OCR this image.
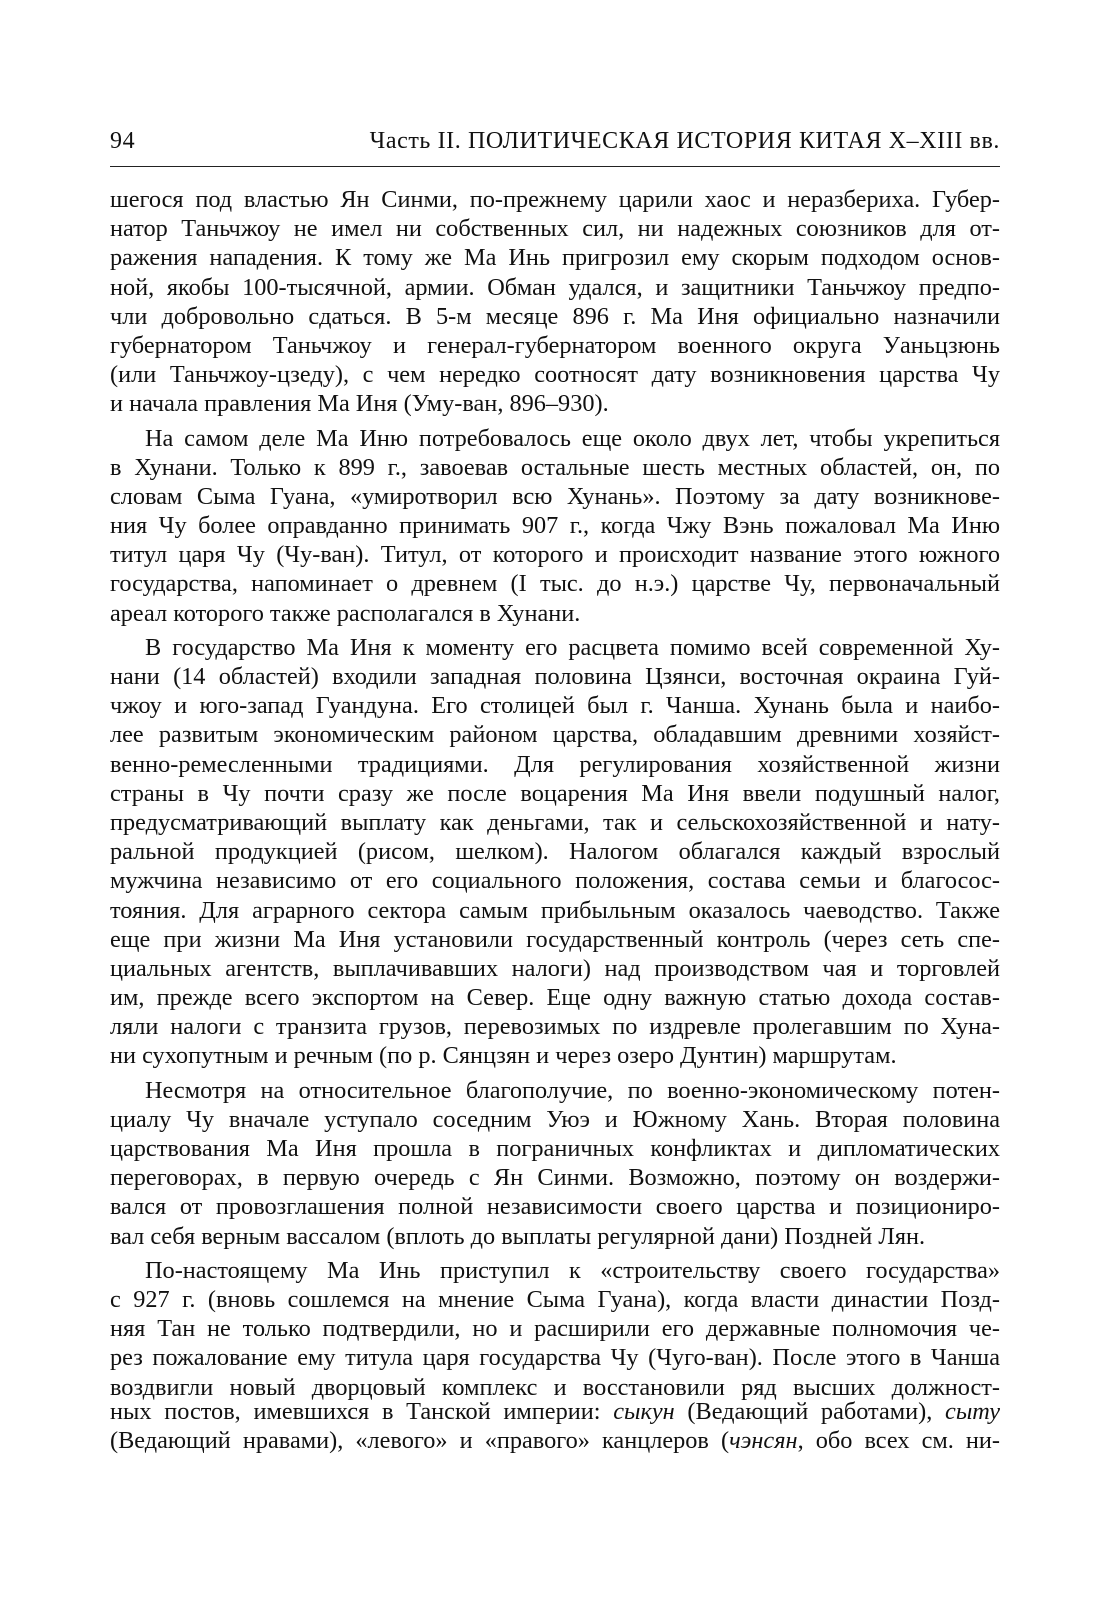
94	Часть II. ПОЛИТИЧЕСКАЯ ИСТОРИЯ КИТАЯ X–XIII вв.
шегося под властью Ян Синми, по-прежнему царили хаос и неразбериха. Губер-
натор Таньчжоу не имел ни собственных сил, ни надежных союзников для от-
ражения нападения. К тому же Ма Инь пригрозил ему скорым подходом основ-
ной, якобы 100-тысячной, армии. Обман удался, и защитники Таньчжоу предпо-
чли добровольно сдаться. В 5-м месяце 896 г. Ма Иня официально назначили
губернатором Таньчжоу и генерал-губернатором военного округа Уаньцзюнь
(или Таньчжоу-цзеду), с чем нередко соотносят дату возникновения царства Чу
и начала правления Ма Иня (Уму-ван, 896–930).
На самом деле Ма Иню потребовалось еще около двух лет, чтобы укрепиться
в Хунани. Только к 899 г., завоевав остальные шесть местных областей, он, по
словам Сыма Гуана, «умиротворил всю Хунань». Поэтому за дату возникнове-
ния Чу более оправданно принимать 907 г., когда Чжу Вэнь пожаловал Ма Иню
титул царя Чу (Чу-ван). Титул, от которого и происходит название этого южного
государства, напоминает о древнем (I тыс. до н.э.) царстве Чу, первоначальный
ареал которого также располагался в Хунани.
В государство Ма Иня к моменту его расцвета помимо всей современной Ху-
нани (14 областей) входили западная половина Цзянси, восточная окраина Гуй-
чжоу и юго-запад Гуандуна. Его столицей был г. Чанша. Хунань была и наибо-
лее развитым экономическим районом царства, обладавшим древними хозяйст-
венно-ремесленными традициями. Для регулирования хозяйственной жизни
страны в Чу почти сразу же после воцарения Ма Иня ввели подушный налог,
предусматривающий выплату как деньгами, так и сельскохозяйственной и нату-
ральной продукцией (рисом, шелком). Налогом облагался каждый взрослый
мужчина независимо от его социального положения, состава семьи и благосос-
тояния. Для аграрного сектора самым прибыльным оказалось чаеводство. Также
еще при жизни Ма Иня установили государственный контроль (через сеть спе-
циальных агентств, выплачивавших налоги) над производством чая и торговлей
им, прежде всего экспортом на Север. Еще одну важную статью дохода состав-
ляли налоги с транзита грузов, перевозимых по издревле пролегавшим по Хуна-
ни сухопутным и речным (по р. Сянцзян и через озеро Дунтин) маршрутам.
Несмотря на относительное благополучие, по военно-экономическому потен-
циалу Чу вначале уступало соседним Уюэ и Южному Хань. Вторая половина
царствования Ма Иня прошла в пограничных конфликтах и дипломатических
переговорах, в первую очередь с Ян Синми. Возможно, поэтому он воздержи-
вался от провозглашения полной независимости своего царства и позициониро-
вал себя верным вассалом (вплоть до выплаты регулярной дани) Поздней Лян.
По-настоящему Ма Инь приступил к «строительству своего государства»
с 927 г. (вновь сошлемся на мнение Сыма Гуана), когда власти династии Позд-
няя Тан не только подтвердили, но и расширили его державные полномочия че-
рез пожалование ему титула царя государства Чу (Чуго-ван). После этого в Чанша
воздвигли новый дворцовый комплекс и восстановили ряд высших должност-
ных постов, имевшихся в Танской империи: сыкун (Ведающий работами), сыту
(Ведающий нравами), «левого» и «правого» канцлеров (чэнсян, обо всех см. ни-
